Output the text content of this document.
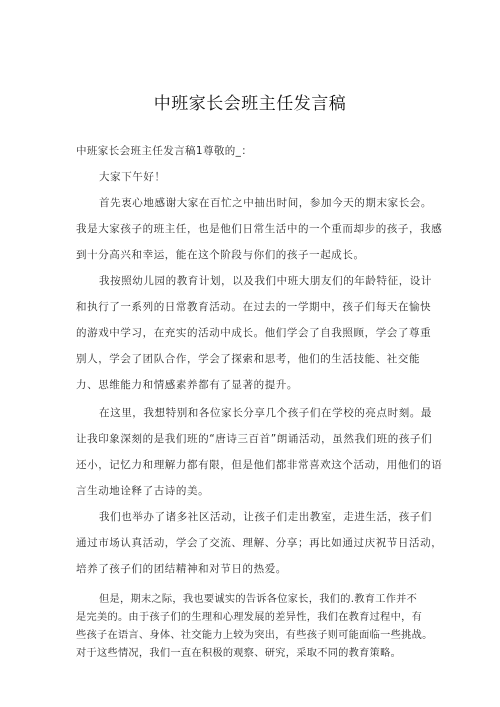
中班家长会班主任发言稿
中班家长会班主任发言稿1尊敬的_：
大家下午好！
首先衷心地感谢大家在百忙之中抽出时间，参加今天的期末家长会。
我是大家孩子的班主任，也是他们日常生活中的一个重而却步的孩子，我感
到十分高兴和幸运，能在这个阶段与你们的孩子一起成长。
我按照幼儿园的教育计划，以及我们中班大朋友们的年龄特征，设计
和执行了一系列的日常教育活动。在过去的一学期中，孩子们每天在愉快
的游戏中学习，在充实的活动中成长。他们学会了自我照顾，学会了尊重
别人，学会了团队合作，学会了探索和思考，他们的生活技能、社交能
力、思维能力和情感素养都有了显著的提升。
在这里，我想特别和各位家长分享几个孩子们在学校的亮点时刻。最
让我印象深刻的是我们班的“唐诗三百首”朗诵活动，虽然我们班的孩子们
还小，记忆力和理解力都有限，但是他们都非常喜欢这个活动，用他们的语
言生动地诠释了古诗的美。
我们也举办了诸多社区活动，让孩子们走出教室，走进生活，孩子们
通过市场认真活动，学会了交流、理解、分享；再比如通过庆祝节日活动，
培养了孩子们的团结精神和对节日的热爱。
但是，期末之际，我也要诚实的告诉各位家长，我们的.教育工作并不
是完美的。由于孩子们的生理和心理发展的差异性，我们在教育过程中，有
些孩子在语言、身体、社交能力上较为突出，有些孩子则可能面临一些挑战。
对于这些情况，我们一直在积极的观察、研究，采取不同的教育策略。
